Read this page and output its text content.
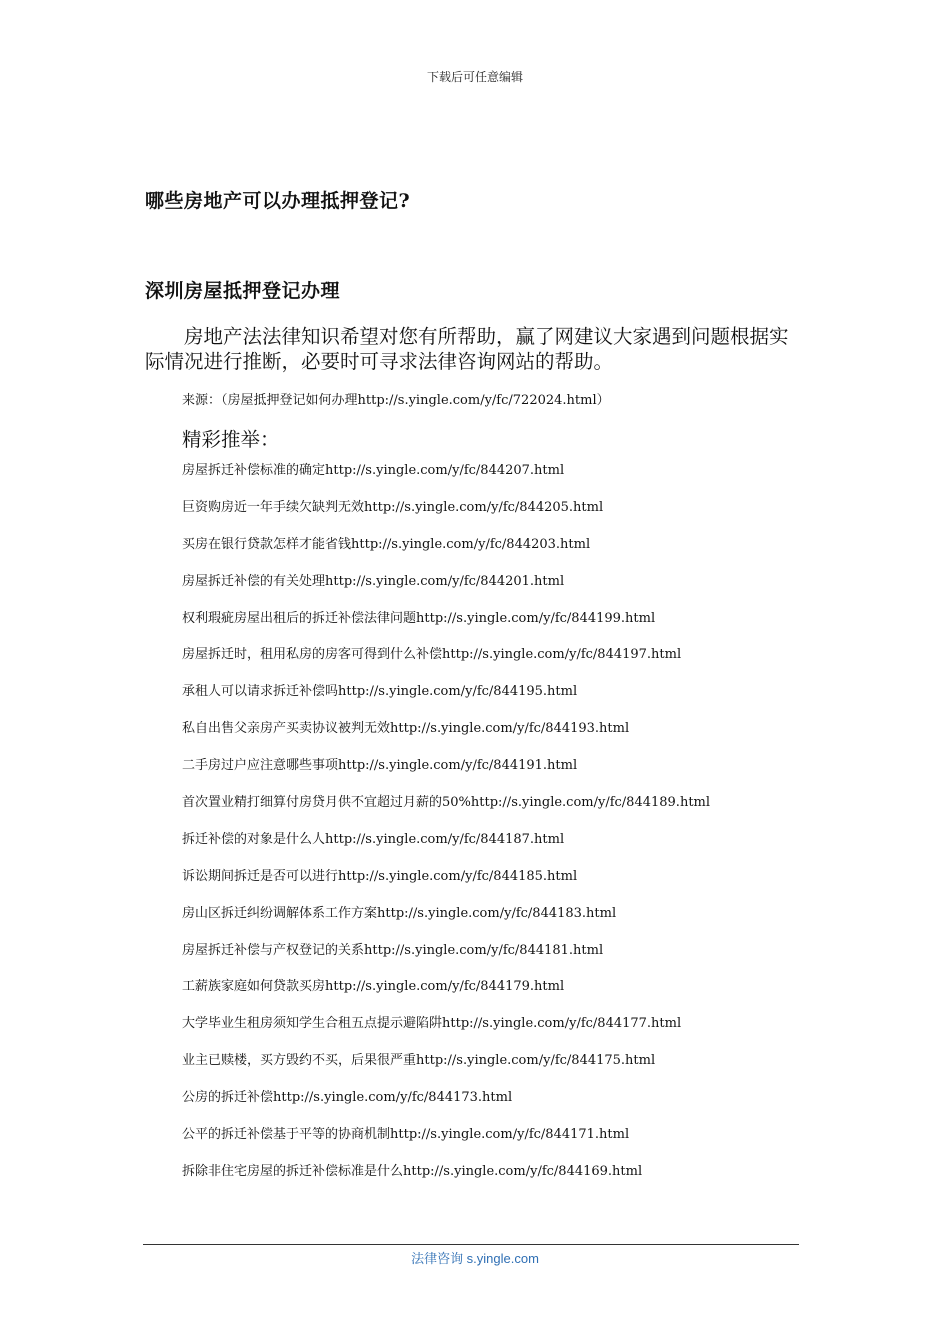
下载后可任意编辑
哪些房地产可以办理抵押登记?
深圳房屋抵押登记办理

房地产法法律知识希望对您有所帮助，赢了网建议大家遇到问题根据实际情况进行推断，必要时可寻求法律咨询网站的帮助。

来源：（房屋抵押登记如何办理http://s.yingle.com/y/fc/722024.html）
精彩推举：
房屋拆迁补偿标准的确定http://s.yingle.com/y/fc/844207.html
巨资购房近一年手续欠缺判无效http://s.yingle.com/y/fc/844205.html
买房在银行贷款怎样才能省钱http://s.yingle.com/y/fc/844203.html
房屋拆迁补偿的有关处理http://s.yingle.com/y/fc/844201.html
权利瑕疵房屋出租后的拆迁补偿法律问题http://s.yingle.com/y/fc/844199.html
房屋拆迁时，租用私房的房客可得到什么补偿http://s.yingle.com/y/fc/844197.html
承租人可以请求拆迁补偿吗http://s.yingle.com/y/fc/844195.html
私自出售父亲房产买卖协议被判无效http://s.yingle.com/y/fc/844193.html
二手房过户应注意哪些事项http://s.yingle.com/y/fc/844191.html
首次置业精打细算付房贷月供不宜超过月薪的50%http://s.yingle.com/y/fc/844189.html
拆迁补偿的对象是什么人http://s.yingle.com/y/fc/844187.html
诉讼期间拆迁是否可以进行http://s.yingle.com/y/fc/844185.html
房山区拆迁纠纷调解体系工作方案http://s.yingle.com/y/fc/844183.html
房屋拆迁补偿与产权登记的关系http://s.yingle.com/y/fc/844181.html
工薪族家庭如何贷款买房http://s.yingle.com/y/fc/844179.html
大学毕业生租房须知学生合租五点提示避陷阱http://s.yingle.com/y/fc/844177.html
业主已赎楼，买方毁约不买，后果很严重http://s.yingle.com/y/fc/844175.html
公房的拆迁补偿http://s.yingle.com/y/fc/844173.html
公平的拆迁补偿基于平等的协商机制http://s.yingle.com/y/fc/844171.html
拆除非住宅房屋的拆迁补偿标准是什么http://s.yingle.com/y/fc/844169.html
法律咨询 s.yingle.com
